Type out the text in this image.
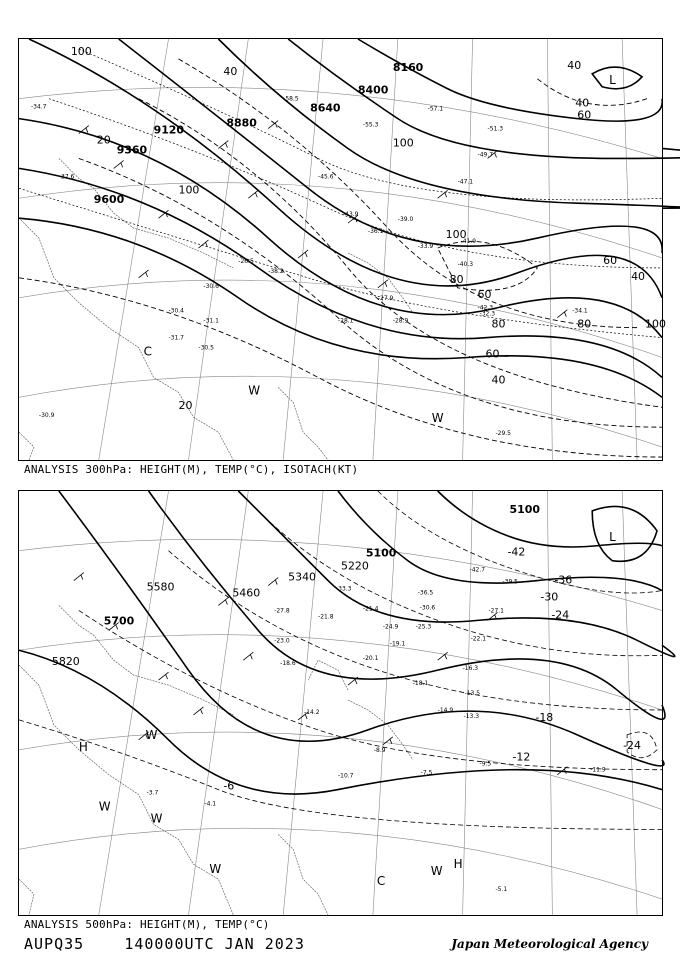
9600
9360
9120
8880
8640
8400
8160
100
100
20	100
100
80
60
40
80	100
60
40
80
40
60
40
20
40
60
L
C
W
W
-34.7
-37.6
-30.4
-31.1
-26.5
-28.9
-27.9
-31.7
-30.5
-40.3
-42.3
-33.9
-36.1
-45.6
-47.1
-49.7
-51.3
-55.3
-57.1
-58.5
-29.5
-30.9
-30.6
-28.1
-34.1
-39.0
-43.9
-38.2
-41.9
-32.3
ANALYSIS 300hPa: HEIGHT(M), TEMP(°C), ISOTACH(KT)
5820
5700
5580	5460
5340
5220
5100
5100
-42
-36
-30
-24
-18
-12
-24
-6
L
H
H
W
W
W
C
W
W
-14.2
-19.1
-20.1
-21.8
-27.8
-24.9
-22.1
-18.1
-16.3
-13.5
-13.3
-14.9
-11.9
-9.5
-7.5
-8.9
-10.7
-5.1
-4.1
-3.7
-42.7
-39.5
-36.5
-33.3
-30.6	-27.1
-25.3
-23.0
-21.4
-18.6
ANALYSIS 500hPa: HEIGHT(M), TEMP(°C)
AUPQ35	140000UTC JAN 2023	Japan Meteorological Agency
